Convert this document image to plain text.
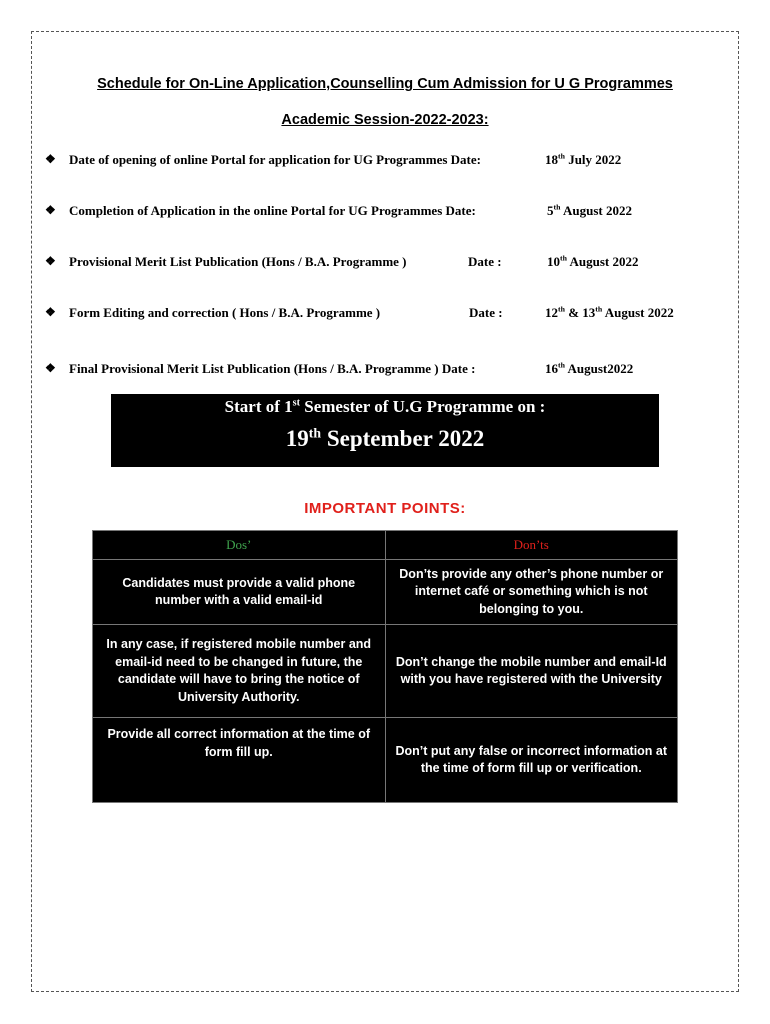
Schedule for On-Line Application,Counselling Cum Admission for U G Programmes
Academic Session-2022-2023:
❖ Date of opening of online Portal for application for UG Programmes Date:	18th July 2022
❖ Completion of Application in the online Portal for UG Programmes Date:	5th August 2022
❖ Provisional Merit List Publication (Hons / B.A. Programme )	Date :	10th August 2022
❖ Form Editing and correction ( Hons / B.A. Programme )	Date :	12th & 13th August 2022
❖ Final Provisional Merit List Publication (Hons / B.A. Programme ) Date :	16th August2022
Start of 1st Semester of U.G Programme on :
19th September 2022
IMPORTANT POINTS:
Dos’	Don’ts
Candidates must provide a valid phone number with a valid email-id	Don’ts provide any other’s phone number or internet café or something which is not belonging to you.
In any case, if registered mobile number and email-id need to be changed in future, the candidate will have to bring the notice of University Authority.	Don’t change the mobile number and email-Id with you have registered with the University
Provide all correct information at the time of form fill up.	Don’t put any false or incorrect information at the time of form fill up or verification.
